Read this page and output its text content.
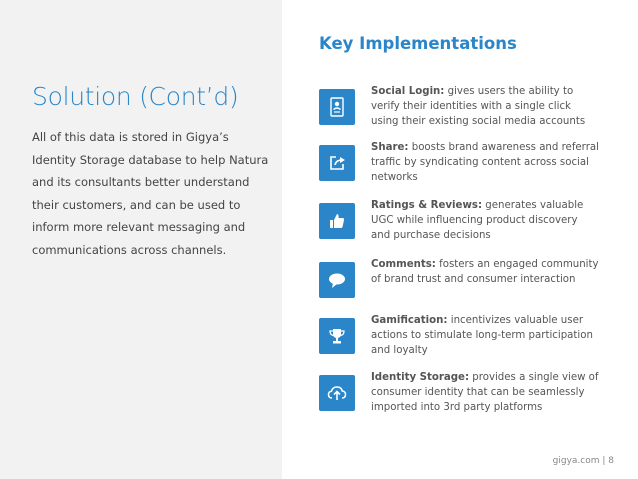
Solution (Cont’d)

All of this data is stored in Gigya’s Identity Storage database to help Natura and its consultants better understand their customers, and can be used to inform more relevant messaging and communications across channels.

Key Implementations

Social Login: gives users the ability to verify their identities with a single click using their existing social media accounts

Share: boosts brand awareness and referral traffic by syndicating content across social networks

Ratings & Reviews: generates valuable UGC while influencing product discovery and purchase decisions

Comments: fosters an engaged community of brand trust and consumer interaction

Gamification: incentivizes valuable user actions to stimulate long-term participation and loyalty

Identity Storage: provides a single view of consumer identity that can be seamlessly imported into 3rd party platforms

gigya.com | 8
